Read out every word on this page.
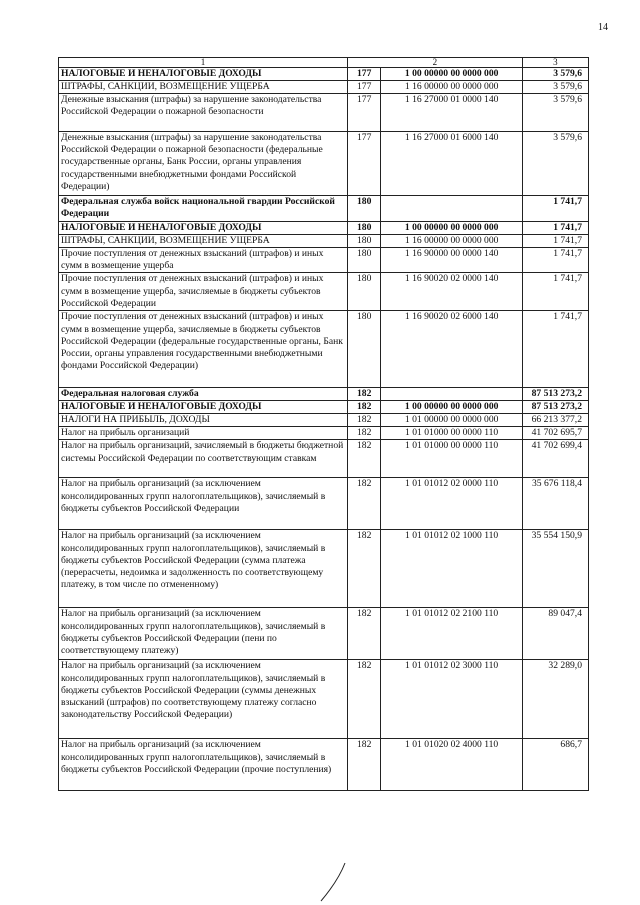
14
1	2		3

НАЛОГОВЫЕ И НЕНАЛОГОВЫЕ ДОХОДЫ	177	1 00 00000 00 0000 000	3 579,6

ШТРАФЫ, САНКЦИИ, ВОЗМЕЩЕНИЕ УЩЕРБА	177	1 16 00000 00 0000 000	3 579,6

Денежные взыскания (штрафы) за нарушение законодательства Российской Федерации о пожарной безопасности	177	1 16 27000 01 0000 140	3 579,6

Денежные взыскания (штрафы) за нарушение законодательства Российской Федерации о пожарной безопасности (федеральные государственные органы, Банк России, органы управления государственными внебюджетными фондами Российской Федерации)	177	1 16 27000 01 6000 140	3 579,6

Федеральная служба войск национальной гвардии Российской Федерации	180		1 741,7

НАЛОГОВЫЕ И НЕНАЛОГОВЫЕ ДОХОДЫ	180	1 00 00000 00 0000 000	1 741,7

ШТРАФЫ, САНКЦИИ, ВОЗМЕЩЕНИЕ УЩЕРБА	180	1 16 00000 00 0000 000	1 741,7

Прочие поступления от денежных взысканий (штрафов) и иных сумм в возмещение ущерба	180	1 16 90000 00 0000 140	1 741,7

Прочие поступления от денежных взысканий (штрафов) и иных сумм в возмещение ущерба, зачисляемые в бюджеты субъектов Российской Федерации	180	1 16 90020 02 0000 140	1 741,7

Прочие поступления от денежных взысканий (штрафов) и иных сумм в возмещение ущерба, зачисляемые в бюджеты субъектов Российской Федерации (федеральные государственные органы, Банк России, органы управления государственными внебюджетными фондами Российской Федерации)	180	1 16 90020 02 6000 140	1 741,7

Федеральная налоговая служба	182		87 513 273,2

НАЛОГОВЫЕ И НЕНАЛОГОВЫЕ ДОХОДЫ	182	1 00 00000 00 0000 000	87 513 273,2

НАЛОГИ НА ПРИБЫЛЬ, ДОХОДЫ	182	1 01 00000 00 0000 000	66 213 377,2

Налог на прибыль организаций	182	1 01 01000 00 0000 110	41 702 695,7

Налог на прибыль организаций, зачисляемый в бюджеты бюджетной системы Российской Федерации по соответствующим ставкам	182	1 01 01000 00 0000 110	41 702 699,4

Налог на прибыль организаций (за исключением консолидированных групп налогоплательщиков), зачисляемый в бюджеты субъектов Российской Федерации	182	1 01 01012 02 0000 110	35 676 118,4

Налог на прибыль организаций (за исключением консолидированных групп налогоплательщиков), зачисляемый в бюджеты субъектов Российской Федерации (сумма платежа (перерасчеты, недоимка и задолженность по соответствующему платежу, в том числе по отмененному)	182	1 01 01012 02 1000 110	35 554 150,9

Налог на прибыль организаций (за исключением консолидированных групп налогоплательщиков), зачисляемый в бюджеты субъектов Российской Федерации (пени по соответствующему платежу)	182	1 01 01012 02 2100 110	89 047,4

Налог на прибыль организаций (за исключением консолидированных групп налогоплательщиков), зачисляемый в бюджеты субъектов Российской Федерации (суммы денежных взысканий (штрафов) по соответствующему платежу согласно законодательству Российской Федерации)	182	1 01 01012 02 3000 110	32 289,0

Налог на прибыль организаций (за исключением консолидированных групп налогоплательщиков), зачисляемый в бюджеты субъектов Российской Федерации (прочие поступления)	182	1 01 01020 02 4000 110	686,7
